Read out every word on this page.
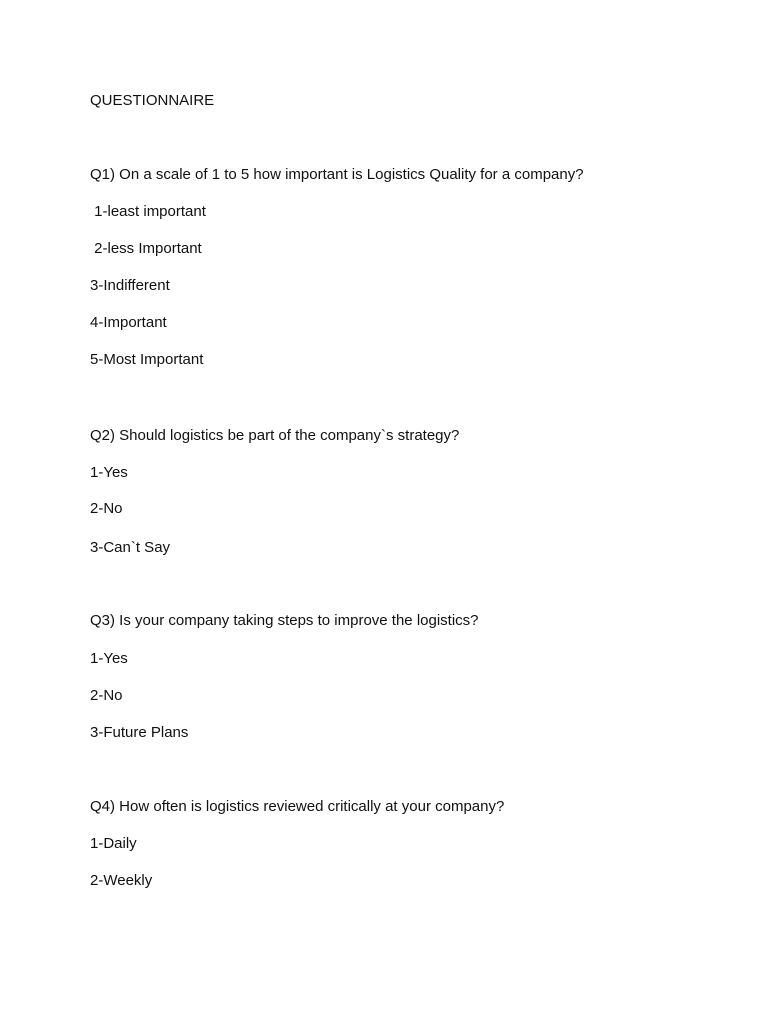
QUESTIONNAIRE
Q1) On a scale of 1 to 5 how important is Logistics Quality for a company?
1-least important
2-less Important
3-Indifferent
4-Important
5-Most Important
Q2) Should logistics be part of the company`s strategy?
1-Yes
2-No
3-Can`t Say
Q3) Is your company taking steps to improve the logistics?
1-Yes
2-No
3-Future Plans
Q4) How often is logistics reviewed critically at your company?
1-Daily
2-Weekly
